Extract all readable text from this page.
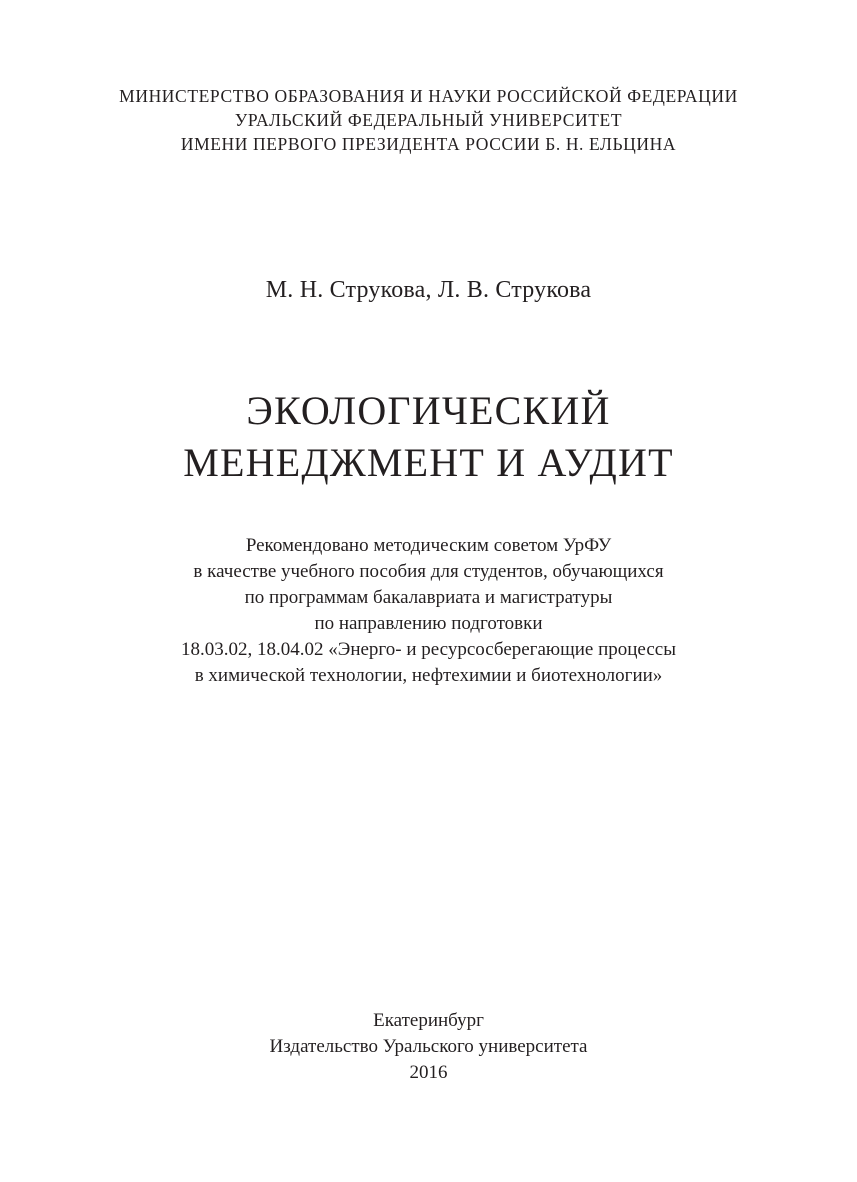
МИНИСТЕРСТВО ОБРАЗОВАНИЯ И НАУКИ РОССИЙСКОЙ ФЕДЕРАЦИИ
УРАЛЬСКИЙ ФЕДЕРАЛЬНЫЙ УНИВЕРСИТЕТ
ИМЕНИ ПЕРВОГО ПРЕЗИДЕНТА РОССИИ Б. Н. ЕЛЬЦИНА
М. Н. Струкова, Л. В. Струкова
ЭКОЛОГИЧЕСКИЙ
МЕНЕДЖМЕНТ И АУДИТ
Рекомендовано методическим советом УрФУ
в качестве учебного пособия для студентов, обучающихся
по программам бакалавриата и магистратуры
по направлению подготовки
18.03.02, 18.04.02 «Энерго- и ресурсосберегающие процессы
в химической технологии, нефтехимии и биотехнологии»
Екатеринбург
Издательство Уральского университета
2016
